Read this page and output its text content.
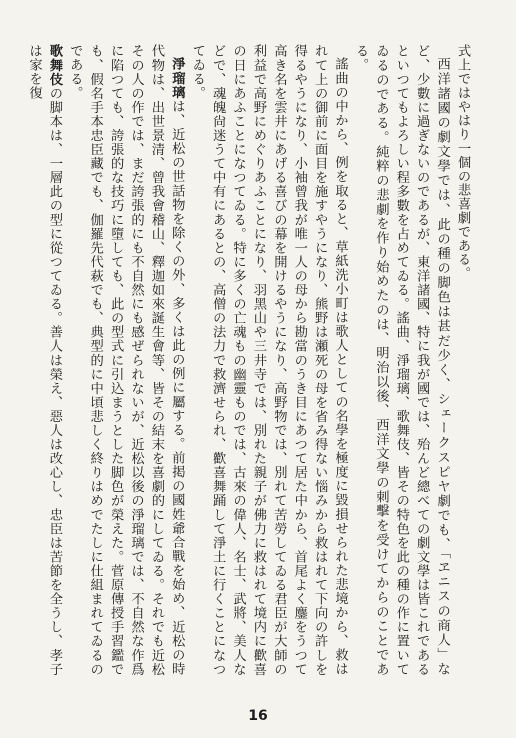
式上ではやはり一個の悲喜劇である。

西洋諸國の劇文學では、此の種の脚色は甚だ少く、シェークスピヤ劇でも、「ヱニスの商人」など、少數に過ぎないのであるが、東洋諸國、特に我が國では、殆んど總べての劇文學は皆これであるといつてもよろしい程多數を占めてゐる。謠曲、淨瑠璃、歌舞伎、皆その特色を此の種の作に置いてゐるのである。純粹の悲劇を作り始めたのは、明治以後、西洋文學の刺擊を受けてからのことである。

謠曲の中から、例を取ると、草紙洗小町は歌人としての名學を極度に毀損せられた悲境から、救はれて上の御前に面目を施すやうになり、熊野は瀬死の母を省み得ない惱みから救はれて下向の許しを得るやうになり、小袖曾我が唯一人の母から勘當のうき目にあつて居た中から、首尾よく鏖をうつて高き名を雲井にあげる喜びの幕を開けるやうになり、高野物では、別れて苦勞してゐる君臣が大師の利益で高野にめぐりあふことになり、羽黑山や三井寺では、別れた親子が佛力に救はれて境内に歡喜の日にあふことになつてゐる。特に多くの亡魂もの幽靈ものでは、古來の偉人、名士、武將、美人などで、魂魄尙迷うて中有にあるとの、高僧の法力で救濟せられ、歡喜舞踊して淨土に行くことになつてゐる。

淨瑠璃は、近松の世話物を除くの外、多くは此の例に屬する。前掲の國姓爺合戰を始め、近松の時代物は、出世景清、曾我會稽山、釋迦如來誕生會等、皆その結末を喜劇的にしてゐる。それでも近松その人の作では、まだ誇張的にも不自然にも感ぜられないが、近松以後の淨瑠璃では、不自然な作爲に陷つても、誇張的な技巧に墮しても、此の型式に引込まうとした脚色が榮えた。菅原傳授手習鑑でも、假名手本忠臣藏でも、伽羅先代萩でも、典型的に中頃悲しく終りはめでたしに仕組まれてゐるのである。

歌舞伎の脚本は、一層此の型に從つてゐる。善人は榮え、惡人は改心し、忠臣は苦節を全うし、孝子は家を復

16
